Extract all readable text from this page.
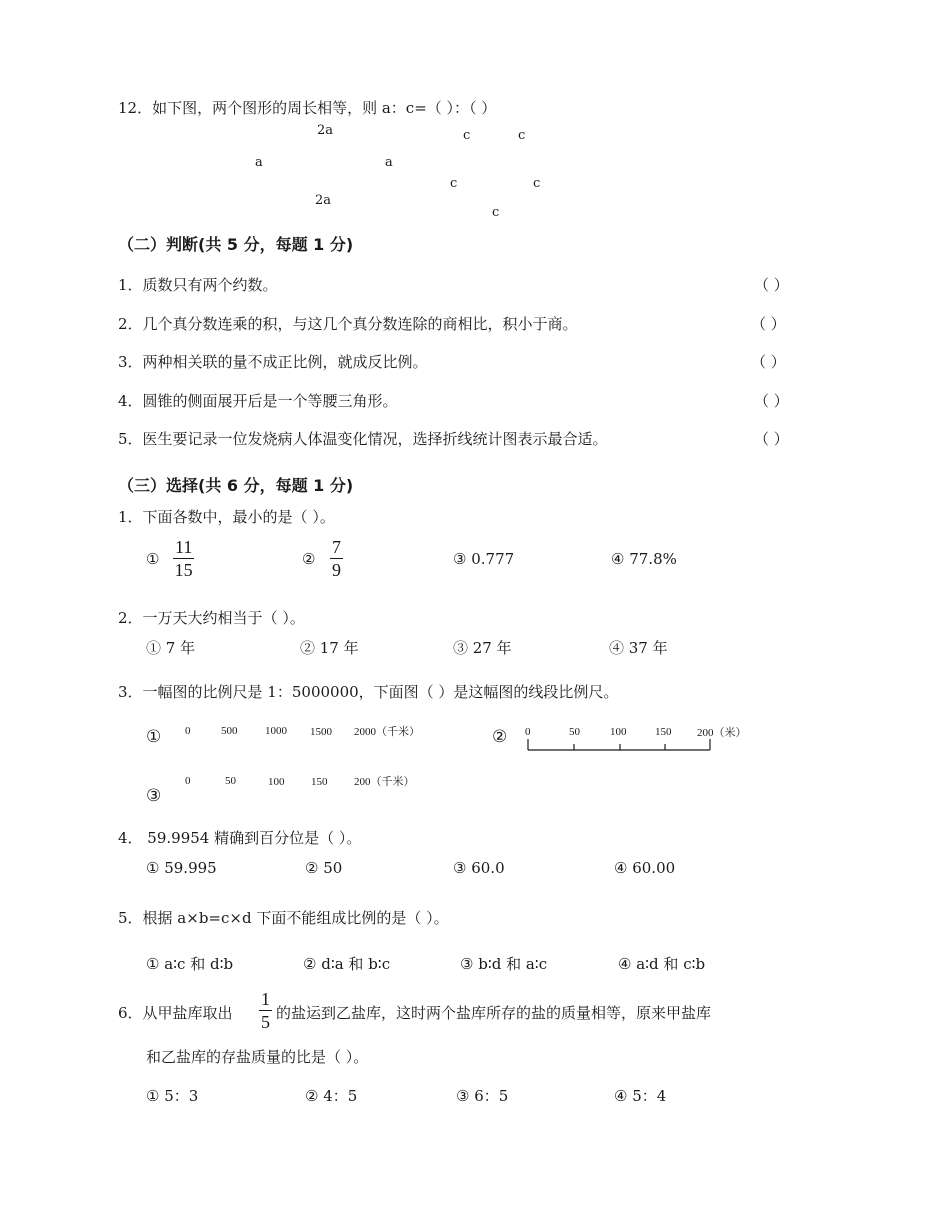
12．如下图，两个图形的周长相等，则 a：c=（ ）：（ ）
2a	c	c
a	a
c	c
2a
c
（二）判断(共 5 分，每题 1 分)
1．质数只有两个约数。	（ ）
2．几个真分数连乘的积，与这几个真分数连除的商相比，积小于商。	（ ）
3．两种相关联的量不成正比例，就成反比例。	（ ）
4．圆锥的侧面展开后是一个等腰三角形。	（ ）
5．医生要记录一位发烧病人体温变化情况，选择折线统计图表示最合适。	（ ）
（三）选择(共 6 分，每题 1 分)
1．下面各数中，最小的是（ ）。
① $\frac{11}{15}$	② $\frac{7}{9}$	③ 0.777	④ 77.8%
2．一万天大约相当于（ ）。
① 7 年	② 17 年	③ 27 年	④ 37 年
3．一幅图的比例尺是 1：5000000，下面图（ ）是这幅图的线段比例尺。
① 0	500	1000 1500 2000（千米）	② 0	50	100	150 200（米）
③
0	50	100 150 200（千米）
4． 59.9954 精确到百分位是（ ）。
① 59.995	② 50	③ 60.0	④ 60.00
5．根据 a×b=c×d 下面不能组成比例的是（ ）。
① a∶c 和 d∶b	② d∶a 和 b∶c	③ b∶d 和 a∶c	④ a∶d 和 c∶b
6．从甲盐库取出 $\frac{1}{5}$ 的盐运到乙盐库，这时两个盐库所存的盐的质量相等，原来甲盐库
和乙盐库的存盐质量的比是（ ）。
① 5：3	② 4：5	③ 6：5	④ 5：4
